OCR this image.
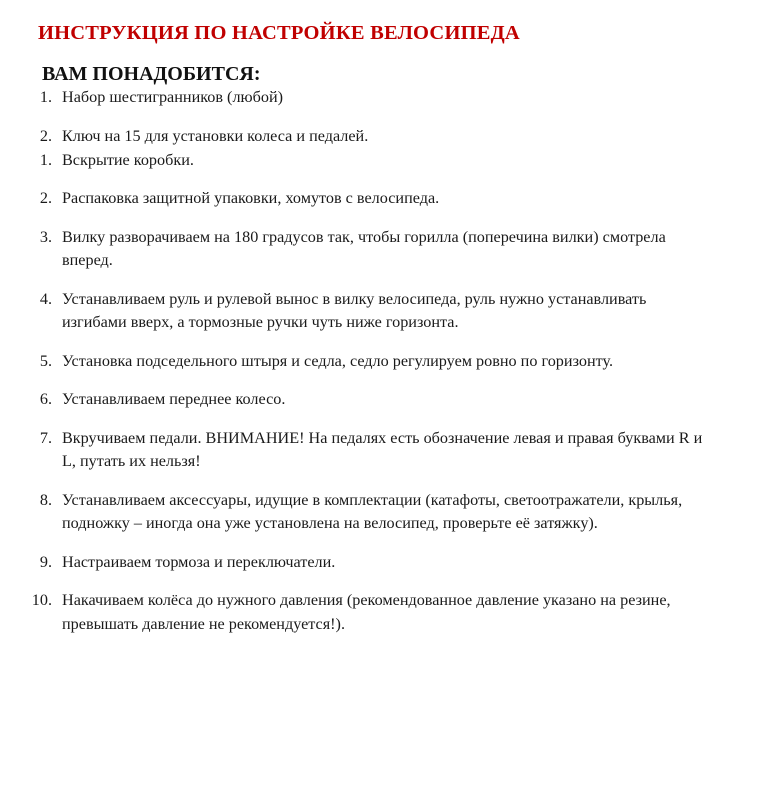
ИНСТРУКЦИЯ ПО НАСТРОЙКЕ ВЕЛОСИПЕДА
ВАМ ПОНАДОБИТСЯ:
1. Набор шестигранников (любой)
2. Ключ на 15 для установки колеса и педалей.
1. Вскрытие коробки.
2. Распаковка защитной упаковки, хомутов с велосипеда.
3. Вилку разворачиваем на 180 градусов так, чтобы горилла (поперечина вилки) смотрела вперед.
4. Устанавливаем руль и рулевой вынос в вилку велосипеда, руль нужно устанавливать изгибами вверх, а тормозные ручки чуть ниже горизонта.
5. Установка подседельного штыря и седла, седло регулируем ровно по горизонту.
6. Устанавливаем переднее колесо.
7. Вкручиваем педали. ВНИМАНИЕ! На педалях есть обозначение левая и правая буквами R и L, путать их нельзя!
8. Устанавливаем аксессуары, идущие в комплектации (катафоты, светоотражатели, крылья, подножку – иногда она уже установлена на велосипед, проверьте её затяжку).
9. Настраиваем тормоза и переключатели.
10. Накачиваем колёса до нужного давления (рекомендованное давление указано на резине, превышать давление не рекомендуется!).
